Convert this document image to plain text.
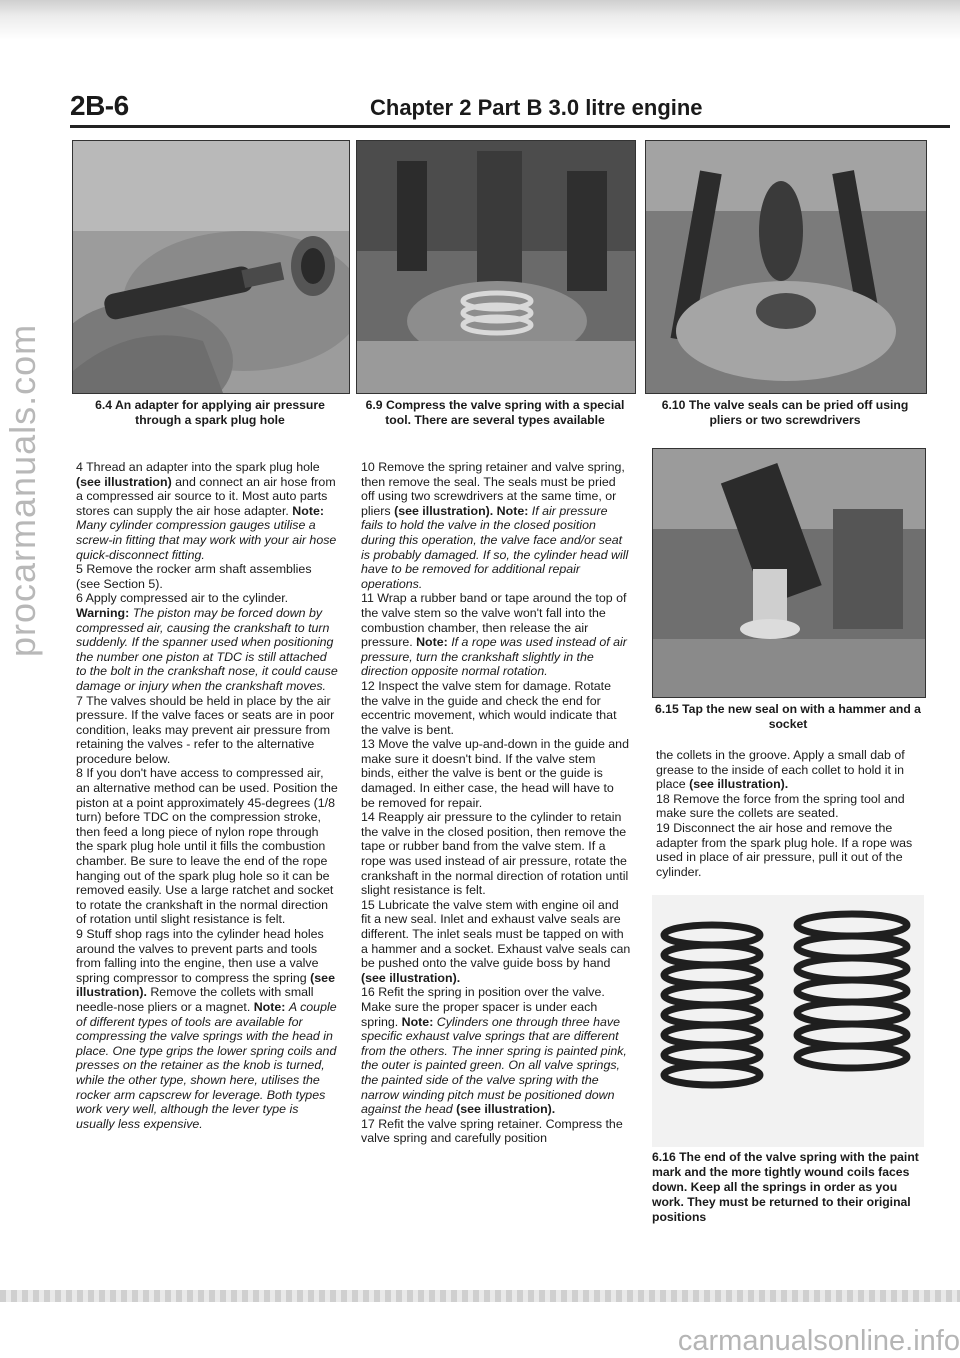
2B-6	Chapter 2 Part B 3.0 litre engine
6.4 An adapter for applying air pressure through a spark plug hole
6.9 Compress the valve spring with a special tool. There are several types available
6.10 The valve seals can be pried off using pliers or two screwdrivers
6.15 Tap the new seal on with a hammer and a socket
6.16 The end of the valve spring with the paint mark and the more tightly wound coils faces down. Keep all the springs in order as you work. They must be returned to their original positions

4 Thread an adapter into the spark plug hole (see illustration) and connect an air hose from a compressed air source to it. Most auto parts stores can supply the air hose adapter. Note: Many cylinder compression gauges utilise a screw-in fitting that may work with your air hose quick-disconnect fitting.

5 Remove the rocker arm shaft assemblies (see Section 5).

6 Apply compressed air to the cylinder. Warning: The piston may be forced down by compressed air, causing the crankshaft to turn suddenly. If the spanner used when positioning the number one piston at TDC is still attached to the bolt in the crankshaft nose, it could cause damage or injury when the crankshaft moves.

7 The valves should be held in place by the air pressure. If the valve faces or seats are in poor condition, leaks may prevent air pressure from retaining the valves - refer to the alternative procedure below.

8 If you don't have access to compressed air, an alternative method can be used. Position the piston at a point approximately 45-degrees (1/8 turn) before TDC on the compression stroke, then feed a long piece of nylon rope through the spark plug hole until it fills the combustion chamber. Be sure to leave the end of the rope hanging out of the spark plug hole so it can be removed easily. Use a large ratchet and socket to rotate the crankshaft in the normal direction of rotation until slight resistance is felt.

9 Stuff shop rags into the cylinder head holes around the valves to prevent parts and tools from falling into the engine, then use a valve spring compressor to compress the spring (see illustration). Remove the collets with small needle-nose pliers or a magnet. Note: A couple of different types of tools are available for compressing the valve springs with the head in place. One type grips the lower spring coils and presses on the retainer as the knob is turned, while the other type, shown here, utilises the rocker arm capscrew for leverage. Both types work very well, although the lever type is usually less expensive.

10 Remove the spring retainer and valve spring, then remove the seal. The seals must be pried off using two screwdrivers at the same time, or pliers (see illustration). Note: If air pressure fails to hold the valve in the closed position during this operation, the valve face and/or seat is probably damaged. If so, the cylinder head will have to be removed for additional repair operations.

11 Wrap a rubber band or tape around the top of the valve stem so the valve won't fall into the combustion chamber, then release the air pressure. Note: If a rope was used instead of air pressure, turn the crankshaft slightly in the direction opposite normal rotation.

12 Inspect the valve stem for damage. Rotate the valve in the guide and check the end for eccentric movement, which would indicate that the valve is bent.

13 Move the valve up-and-down in the guide and make sure it doesn't bind. If the valve stem binds, either the valve is bent or the guide is damaged. In either case, the head will have to be removed for repair.

14 Reapply air pressure to the cylinder to retain the valve in the closed position, then remove the tape or rubber band from the valve stem. If a rope was used instead of air pressure, rotate the crankshaft in the normal direction of rotation until slight resistance is felt.

15 Lubricate the valve stem with engine oil and fit a new seal. Inlet and exhaust valve seals are different. The inlet seals must be tapped on with a hammer and a socket. Exhaust valve seals can be pushed onto the valve guide boss by hand (see illustration).

16 Refit the spring in position over the valve. Make sure the proper spacer is under each spring. Note: Cylinders one through three have specific exhaust valve springs that are different from the others. The inner spring is painted pink, the outer is painted green. On all valve springs, the painted side of the valve spring with the narrow winding pitch must be positioned down against the head (see illustration).

17 Refit the valve spring retainer. Compress the valve spring and carefully position

the collets in the groove. Apply a small dab of grease to the inside of each collet to hold it in place (see illustration).

18 Remove the force from the spring tool and make sure the collets are seated.

19 Disconnect the air hose and remove the adapter from the spark plug hole. If a rope was used in place of air pressure, pull it out of the cylinder.

procarmanuals.com
carmanualsonline.info
